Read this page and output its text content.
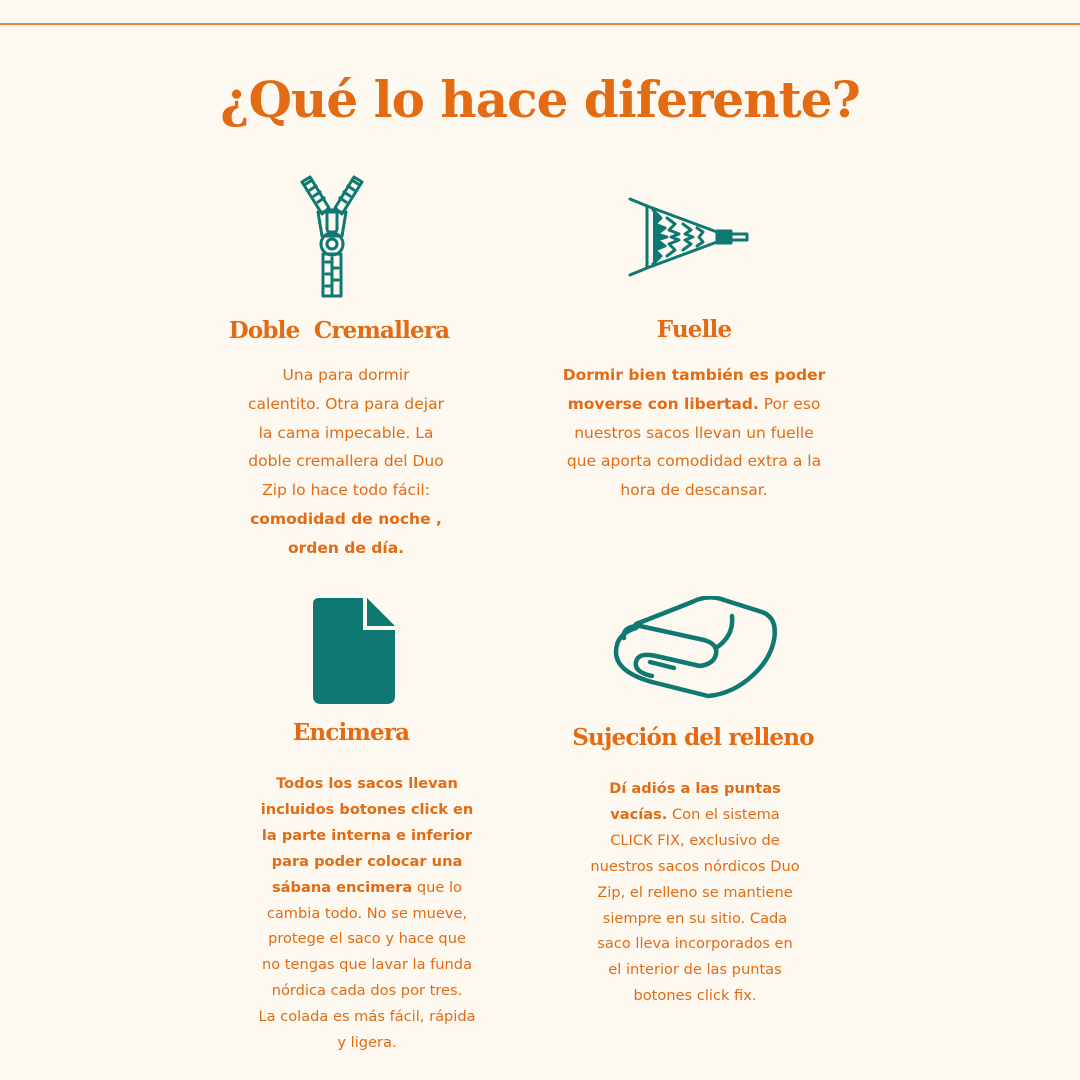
¿Qué lo hace diferente?
Doble  Cremallera
Una para dormir
calentito. Otra para dejar
la cama impecable. La
doble cremallera del Duo
Zip lo hace todo fácil:
comodidad de noche ,
orden de día.
Fuelle
Dormir bien también es poder
moverse con libertad. Por eso
nuestros sacos llevan un fuelle
que aporta comodidad extra a la
hora de descansar.
Encimera
Todos los sacos llevan
incluidos botones click en
la parte interna e inferior
para poder colocar una
sábana encimera que lo
cambia todo. No se mueve,
protege el saco y hace que
no tengas que lavar la funda
nórdica cada dos por tres.
La colada es más fácil, rápida
y ligera.
Sujeción del relleno
Dí adiós a las puntas
vacías. Con el sistema
CLICK FIX, exclusivo de
nuestros sacos nórdicos Duo
Zip, el relleno se mantiene
siempre en su sitio. Cada
saco lleva incorporados en
el interior de las puntas
botones click fix.
